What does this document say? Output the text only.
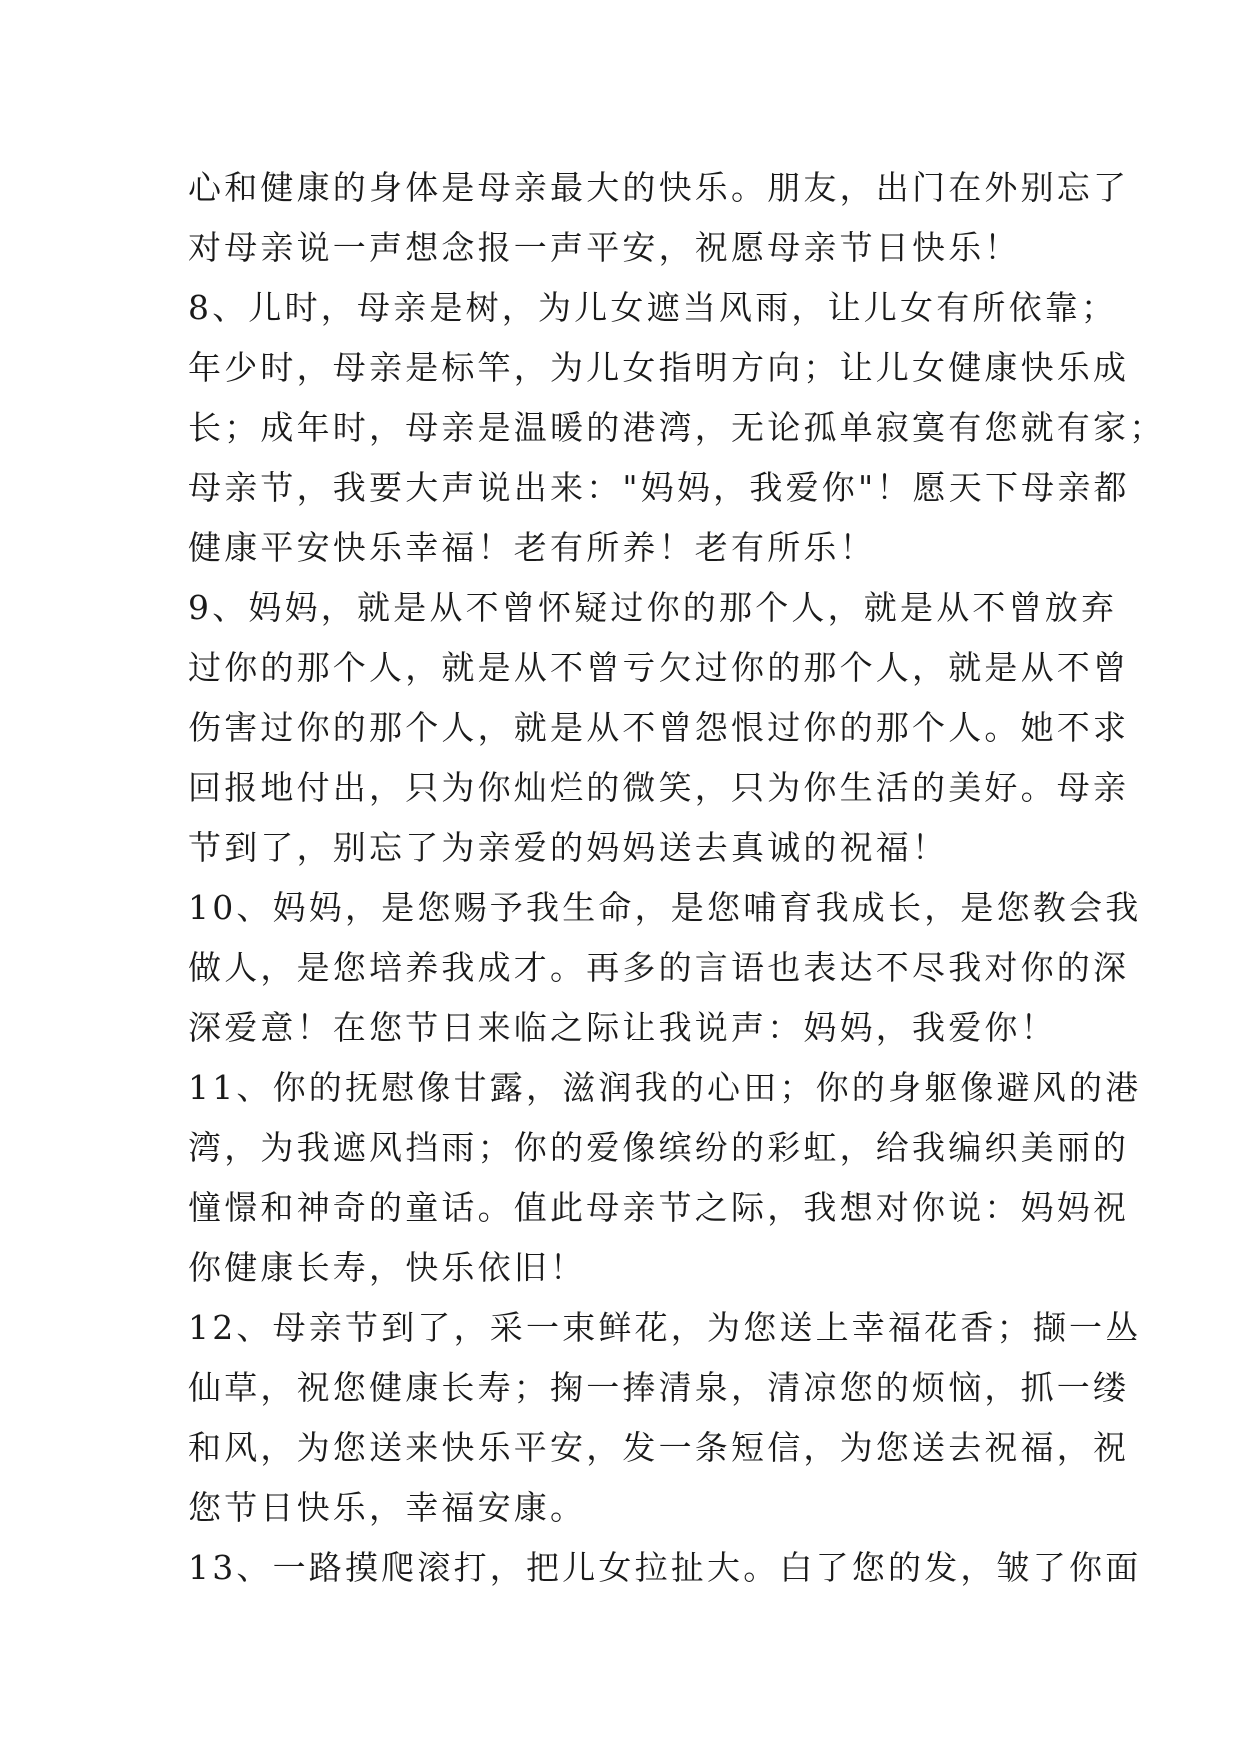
心和健康的身体是母亲最大的快乐。朋友，出门在外别忘了
对母亲说一声想念报一声平安，祝愿母亲节日快乐！
8、儿时，母亲是树，为儿女遮当风雨，让儿女有所依靠；
年少时，母亲是标竿，为儿女指明方向；让儿女健康快乐成
长；成年时，母亲是温暖的港湾，无论孤单寂寞有您就有家；
母亲节，我要大声说出来："妈妈，我爱你"！愿天下母亲都
健康平安快乐幸福！老有所养！老有所乐！
9、妈妈，就是从不曾怀疑过你的那个人，就是从不曾放弃
过你的那个人，就是从不曾亏欠过你的那个人，就是从不曾
伤害过你的那个人，就是从不曾怨恨过你的那个人。她不求
回报地付出，只为你灿烂的微笑，只为你生活的美好。母亲
节到了，别忘了为亲爱的妈妈送去真诚的祝福！
10、妈妈，是您赐予我生命，是您哺育我成长，是您教会我
做人，是您培养我成才。再多的言语也表达不尽我对你的深
深爱意！在您节日来临之际让我说声：妈妈，我爱你！
11、你的抚慰像甘露，滋润我的心田；你的身躯像避风的港
湾，为我遮风挡雨；你的爱像缤纷的彩虹，给我编织美丽的
憧憬和神奇的童话。值此母亲节之际，我想对你说：妈妈祝
你健康长寿，快乐依旧！
12、母亲节到了，采一束鲜花，为您送上幸福花香；撷一丛
仙草，祝您健康长寿；掬一捧清泉，清凉您的烦恼，抓一缕
和风，为您送来快乐平安，发一条短信，为您送去祝福，祝
您节日快乐，幸福安康。
13、一路摸爬滚打，把儿女拉扯大。白了您的发，皱了你面
